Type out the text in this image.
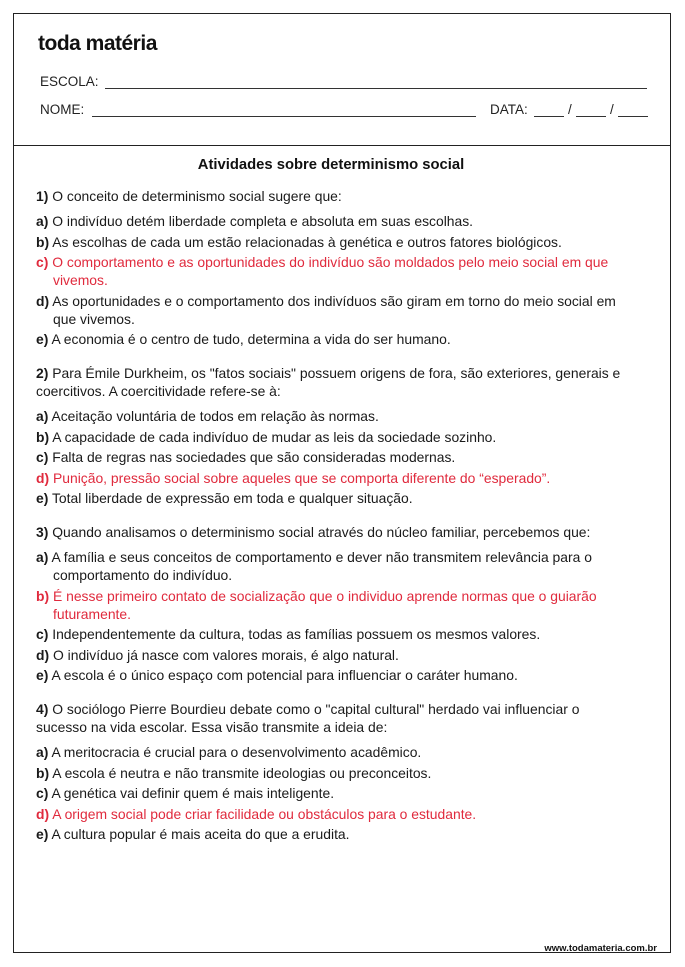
toda matéria
ESCOLA:
NOME:	DATA:	/	/
Atividades sobre determinismo social
1) O conceito de determinismo social sugere que:
a) O indivíduo detém liberdade completa e absoluta em suas escolhas.
b) As escolhas de cada um estão relacionadas à genética e outros fatores biológicos.
c) O comportamento e as oportunidades do indivíduo são moldados pelo meio social em que vivemos.
d) As oportunidades e o comportamento dos indivíduos são giram em torno do meio social em que vivemos.
e) A economia é o centro de tudo, determina a vida do ser humano.
2) Para Émile Durkheim, os "fatos sociais" possuem origens de fora, são exteriores, generais e coercitivos. A coercitividade refere-se à:
a) Aceitação voluntária de todos em relação às normas.
b) A capacidade de cada indivíduo de mudar as leis da sociedade sozinho.
c) Falta de regras nas sociedades que são consideradas modernas.
d) Punição, pressão social sobre aqueles que se comporta diferente do “esperado”.
e) Total liberdade de expressão em toda e qualquer situação.
3) Quando analisamos o determinismo social através do núcleo familiar, percebemos que:
a) A família e seus conceitos de comportamento e dever não transmitem relevância para o comportamento do indivíduo.
b) É nesse primeiro contato de socialização que o individuo aprende normas que o guiarão futuramente.
c) Independentemente da cultura, todas as famílias possuem os mesmos valores.
d) O indivíduo já nasce com valores morais, é algo natural.
e) A escola é o único espaço com potencial para influenciar o caráter humano.
4) O sociólogo Pierre Bourdieu debate como o "capital cultural" herdado vai influenciar o sucesso na vida escolar. Essa visão transmite a ideia de:
a) A meritocracia é crucial para o desenvolvimento acadêmico.
b) A escola é neutra e não transmite ideologias ou preconceitos.
c) A genética vai definir quem é mais inteligente.
d) A origem social pode criar facilidade ou obstáculos para o estudante.
e) A cultura popular é mais aceita do que a erudita.
www.todamateria.com.br
